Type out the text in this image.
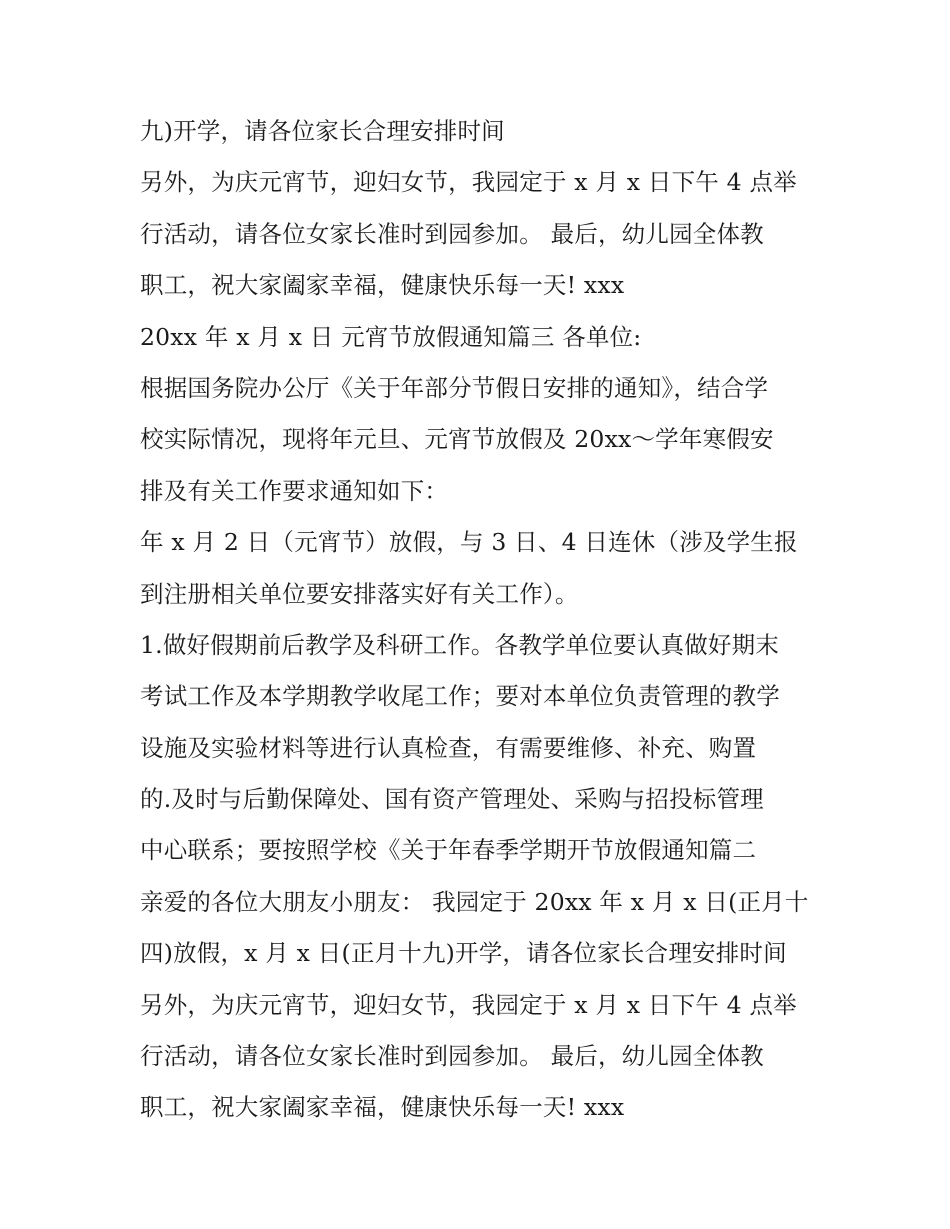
九)开学，请各位家长合理安排时间
另外，为庆元宵节，迎妇女节，我园定于 x 月 x 日下午 4 点举
行活动，请各位女家长准时到园参加。 最后，幼儿园全体教
职工，祝大家阖家幸福，健康快乐每一天! xxx
20xx 年 x 月 x 日 元宵节放假通知篇三 各单位:
根据国务院办公厅《关于年部分节假日安排的通知》，结合学
校实际情况，现将年元旦、元宵节放假及 20xx～学年寒假安
排及有关工作要求通知如下：
年 x 月 2 日（元宵节）放假，与 3 日、4 日连休（涉及学生报
到注册相关单位要安排落实好有关工作）。
1.做好假期前后教学及科研工作。各教学单位要认真做好期末
考试工作及本学期教学收尾工作；要对本单位负责管理的教学
设施及实验材料等进行认真检查，有需要维修、补充、购置
的.及时与后勤保障处、国有资产管理处、采购与招投标管理
中心联系；要按照学校《关于年春季学期开节放假通知篇二
亲爱的各位大朋友小朋友： 我园定于 20xx 年 x 月 x 日(正月十
四)放假，x 月 x 日(正月十九)开学，请各位家长合理安排时间
另外，为庆元宵节，迎妇女节，我园定于 x 月 x 日下午 4 点举
行活动，请各位女家长准时到园参加。 最后，幼儿园全体教
职工，祝大家阖家幸福，健康快乐每一天! xxx
